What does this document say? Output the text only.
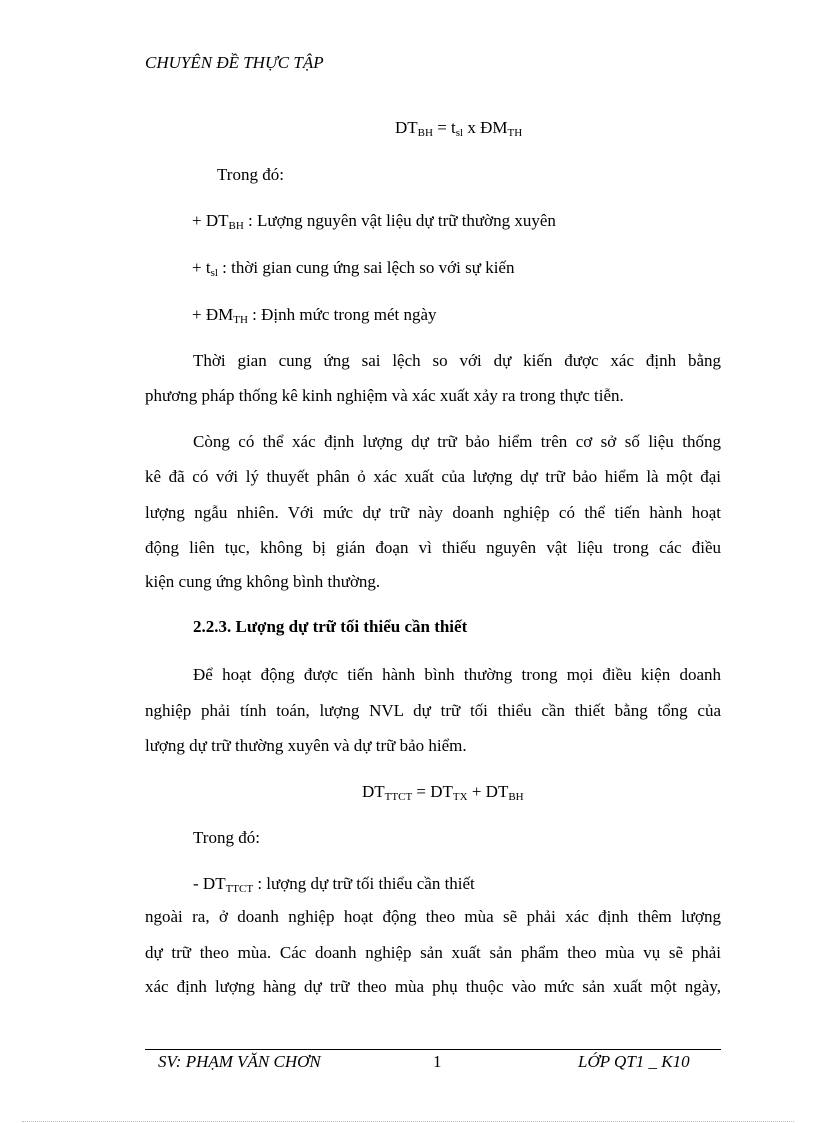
CHUYÊN ĐỀ THỰC TẬP
$DT_{BH} = t_{sl}$ x $ĐM_{TH}$
Trong đó:
+ $DT_{BH}$ : Lượng nguyên vật liệu dự trữ thường xuyên
+ $t_{sl}$ : thời gian cung ứng sai lệch so với sự kiến
+ $ĐM_{TH}$ : Định mức trong mét ngày
Thời gian cung ứng sai lệch so với dự kiến được xác định bằng
phương pháp thống kê kinh nghiệm và xác xuất xảy ra trong thực tiễn.
Còng có thể xác định lượng dự trữ bảo hiểm trên cơ sở số liệu thống
kê đã có với lý thuyết phân ỏ xác xuất của lượng dự trữ bảo hiểm là một đại
lượng ngẫu nhiên. Với mức dự trữ này doanh nghiệp có thể tiến hành hoạt
động liên tục, không bị gián đoạn vì thiếu nguyên vật liệu trong các điều
kiện cung ứng không bình thường.
2.2.3. Lượng dự trữ tối thiểu cần thiết
Để hoạt động được tiến hành bình thường trong mọi điều kiện doanh
nghiệp phải tính toán, lượng NVL dự trữ tối thiểu cần thiết bằng tổng của
lượng dự trữ thường xuyên và dự trữ bảo hiểm.
$DT_{TTCT} = DT_{TX} + DT_{BH}$
Trong đó:
- $DT_{TTCT}$ : lượng dự trữ tối thiểu cần thiết
ngoài ra, ở doanh nghiệp hoạt động theo mùa sẽ phải xác định thêm lượng
dự trữ theo mùa. Các doanh nghiệp sản xuất sản phẩm theo mùa vụ sẽ phải
xác định lượng hàng dự trữ theo mùa phụ thuộc vào mức sản xuất một ngày,
SV: PHẠM VĂN CHƠN	1	LỚP QT1 _ K10
